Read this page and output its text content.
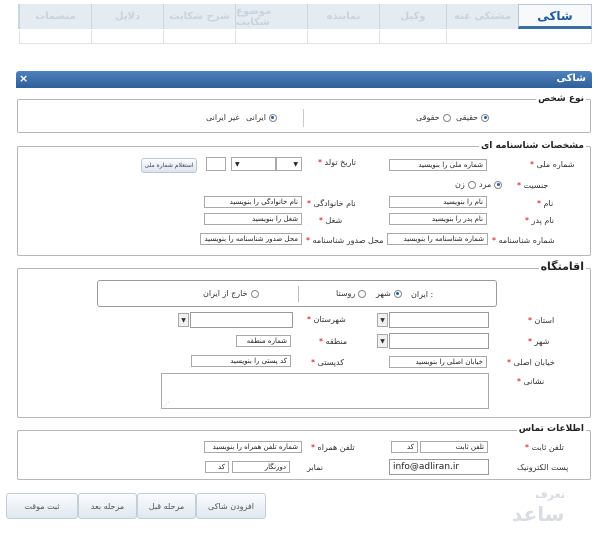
منضمات	دلایل	شرح شکایت موضوع شکایت	نماینده	وکیل	مشتکی عنه شاکی
شاکی
×
نوع شخص
حقیقی
حقوقی
ایرانی
غیر ایرانی
مشخصات شناسنامه ای
* شماره ملی
شماره ملی را بنویسید
* تاریخ تولد
▼
▼
استعلام شماره ملی
* جنسیت
مرد
زن
* نام
نام را بنویسید
* نام خانوادگی
نام خانوادگی را بنویسید
* نام پدر
نام پدر را بنویسید
* شغل
شغل را بنویسید
* شماره شناسنامه
شماره شناسنامه را بنویسید
* محل صدور شناسنامه
محل صدور شناسنامه را بنویسید
اقامتگاه
ایران :
شهر
روستا
خارج از ایران
* استان
▼
* شهرستان
▼
* شهر
▼
* منطقه
شماره منطقه
* خیابان اصلی
خیابان اصلی را بنویسید
* کدپستی
کد پستی را بنویسید
* نشانی
⋰
اطلاعات تماس
* تلفن ثابت
تلفن ثابت
کد
* تلفن همراه
شماره تلفن همراه را بنویسید
پست الکترونیک
info@adliran.ir
نمابر
دورنگار
کد
افزودن شاکی
مرحله قبل
مرحله بعد
ثبت موقت
تعرف
ساعد
